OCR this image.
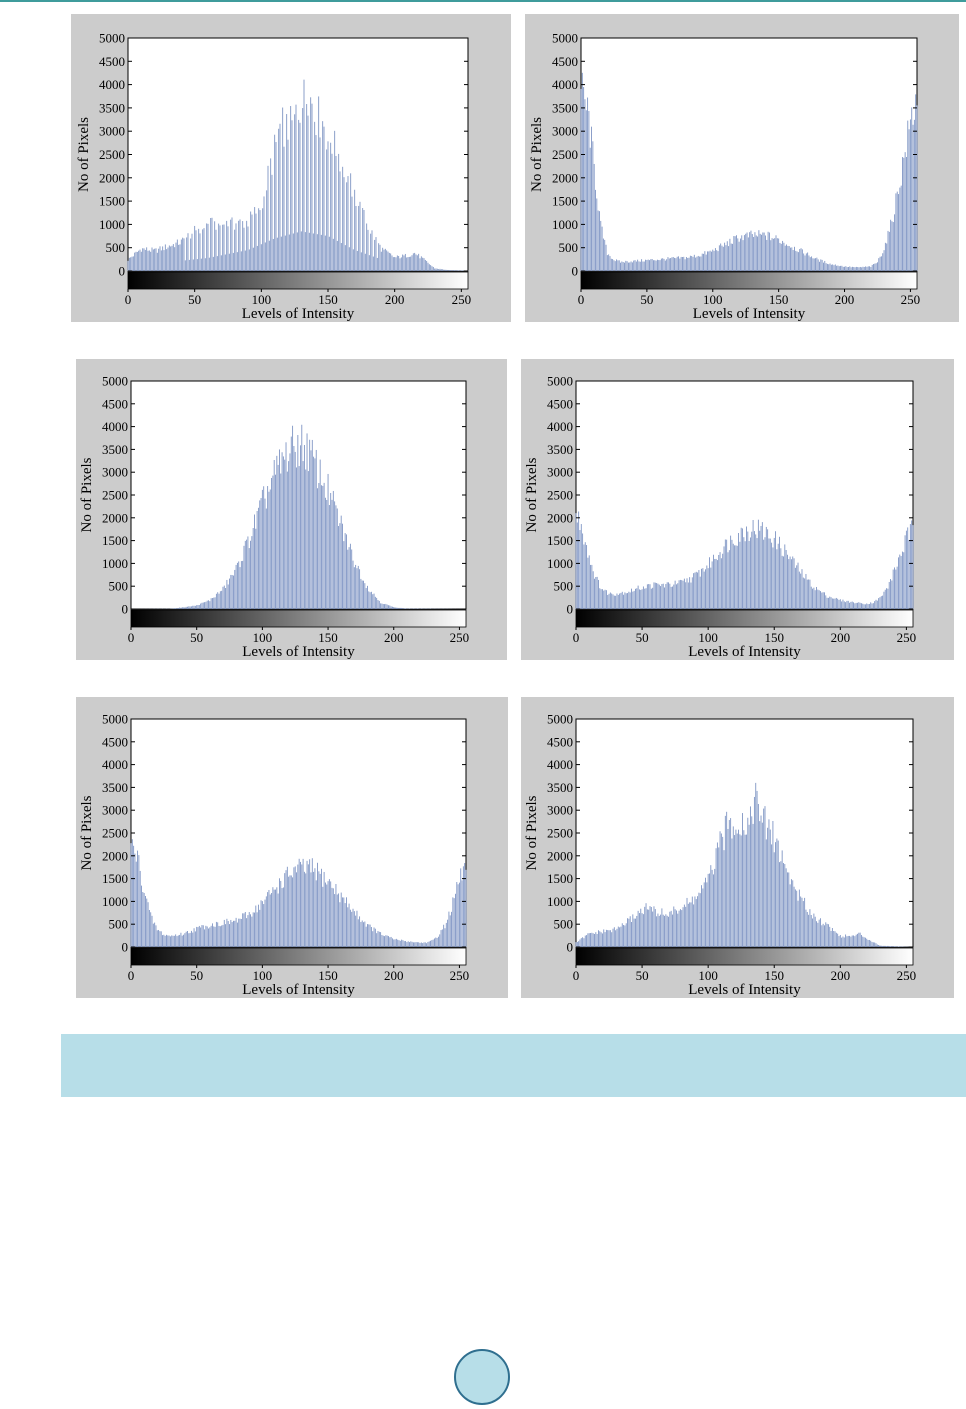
0
500
1000
1500
2000
2500
3000
3500
4000
4500
5000
0	50	100	150	200	250
Levels of Intensity
No of Pixels
0
500
1000
1500
2000
2500
3000
3500
4000
4500
5000
0	50	100	150	200	250
Levels of Intensity
No of Pixels
0
500
1000
1500
2000
2500
3000
3500
4000
4500
5000
0	50	100	150	200	250
Levels of Intensity
No of Pixels
0
500
1000
1500
2000
2500
3000
3500
4000
4500
5000
0	50	100	150	200	250
Levels of Intensity
No of Pixels
0
500
1000
1500
2000
2500
3000
3500
4000
4500
5000
0	50	100	150	200	250
Levels of Intensity
No of Pixels
0
500
1000
1500
2000
2500
3000
3500
4000
4500
5000
0	50	100	150	200	250
Levels of Intensity
No of Pixels
